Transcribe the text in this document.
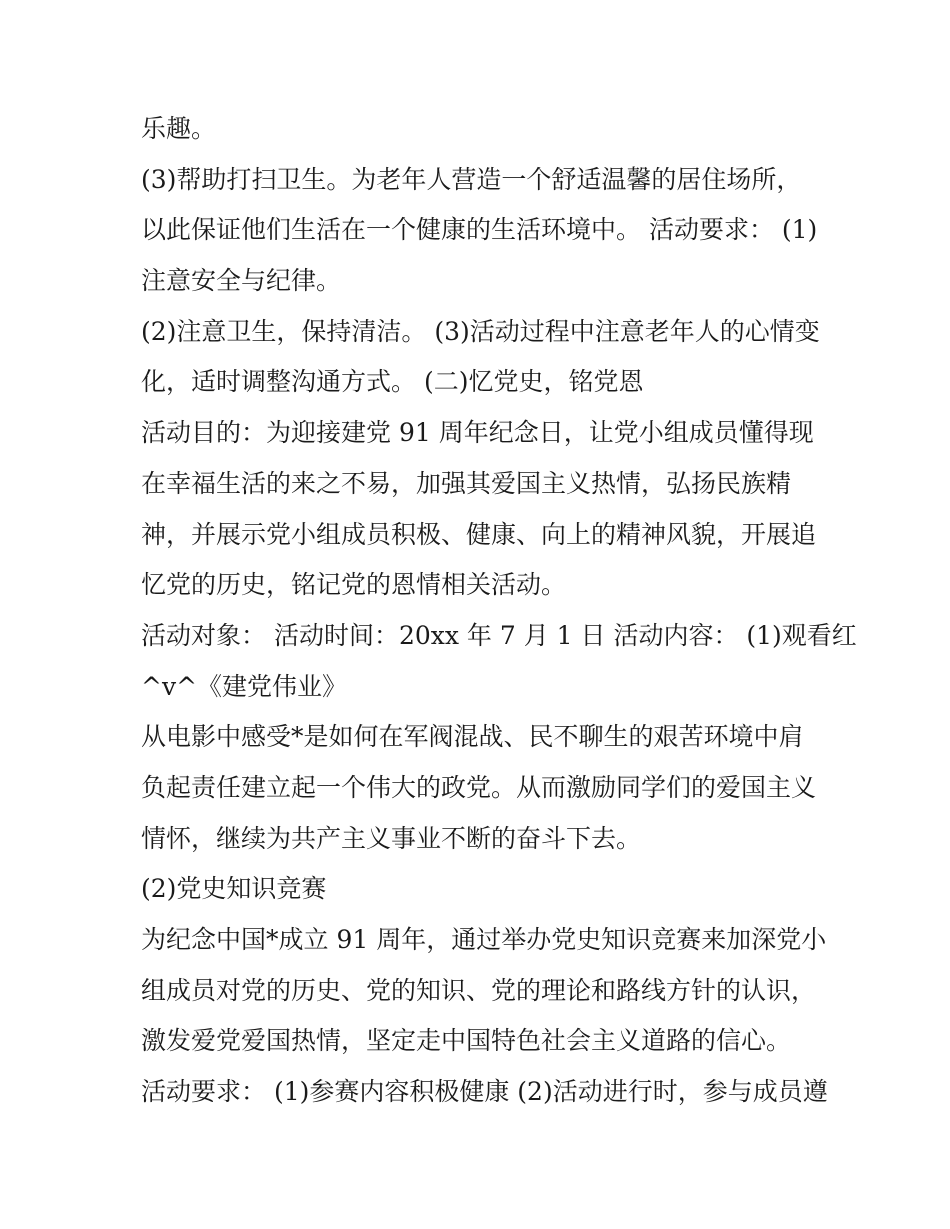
乐趣。
(3)帮助打扫卫生。为老年人营造一个舒适温馨的居住场所，
以此保证他们生活在一个健康的生活环境中。 活动要求： (1)
注意安全与纪律。
(2)注意卫生，保持清洁。 (3)活动过程中注意老年人的心情变
化，适时调整沟通方式。 (二)忆党史，铭党恩
活动目的：为迎接建党 91 周年纪念日，让党小组成员懂得现
在幸福生活的来之不易，加强其爱国主义热情，弘扬民族精
神，并展示党小组成员积极、健康、向上的精神风貌，开展追
忆党的历史，铭记党的恩情相关活动。
活动对象： 活动时间：20xx 年 7 月 1 日 活动内容： (1)观看红
^v^《建党伟业》
从电影中感受*是如何在军阀混战、民不聊生的艰苦环境中肩
负起责任建立起一个伟大的政党。从而激励同学们的爱国主义
情怀，继续为共产主义事业不断的奋斗下去。
(2)党史知识竞赛
为纪念中国*成立 91 周年，通过举办党史知识竞赛来加深党小
组成员对党的历史、党的知识、党的理论和路线方针的认识，
激发爱党爱国热情，坚定走中国特色社会主义道路的信心。
活动要求： (1)参赛内容积极健康 (2)活动进行时，参与成员遵
